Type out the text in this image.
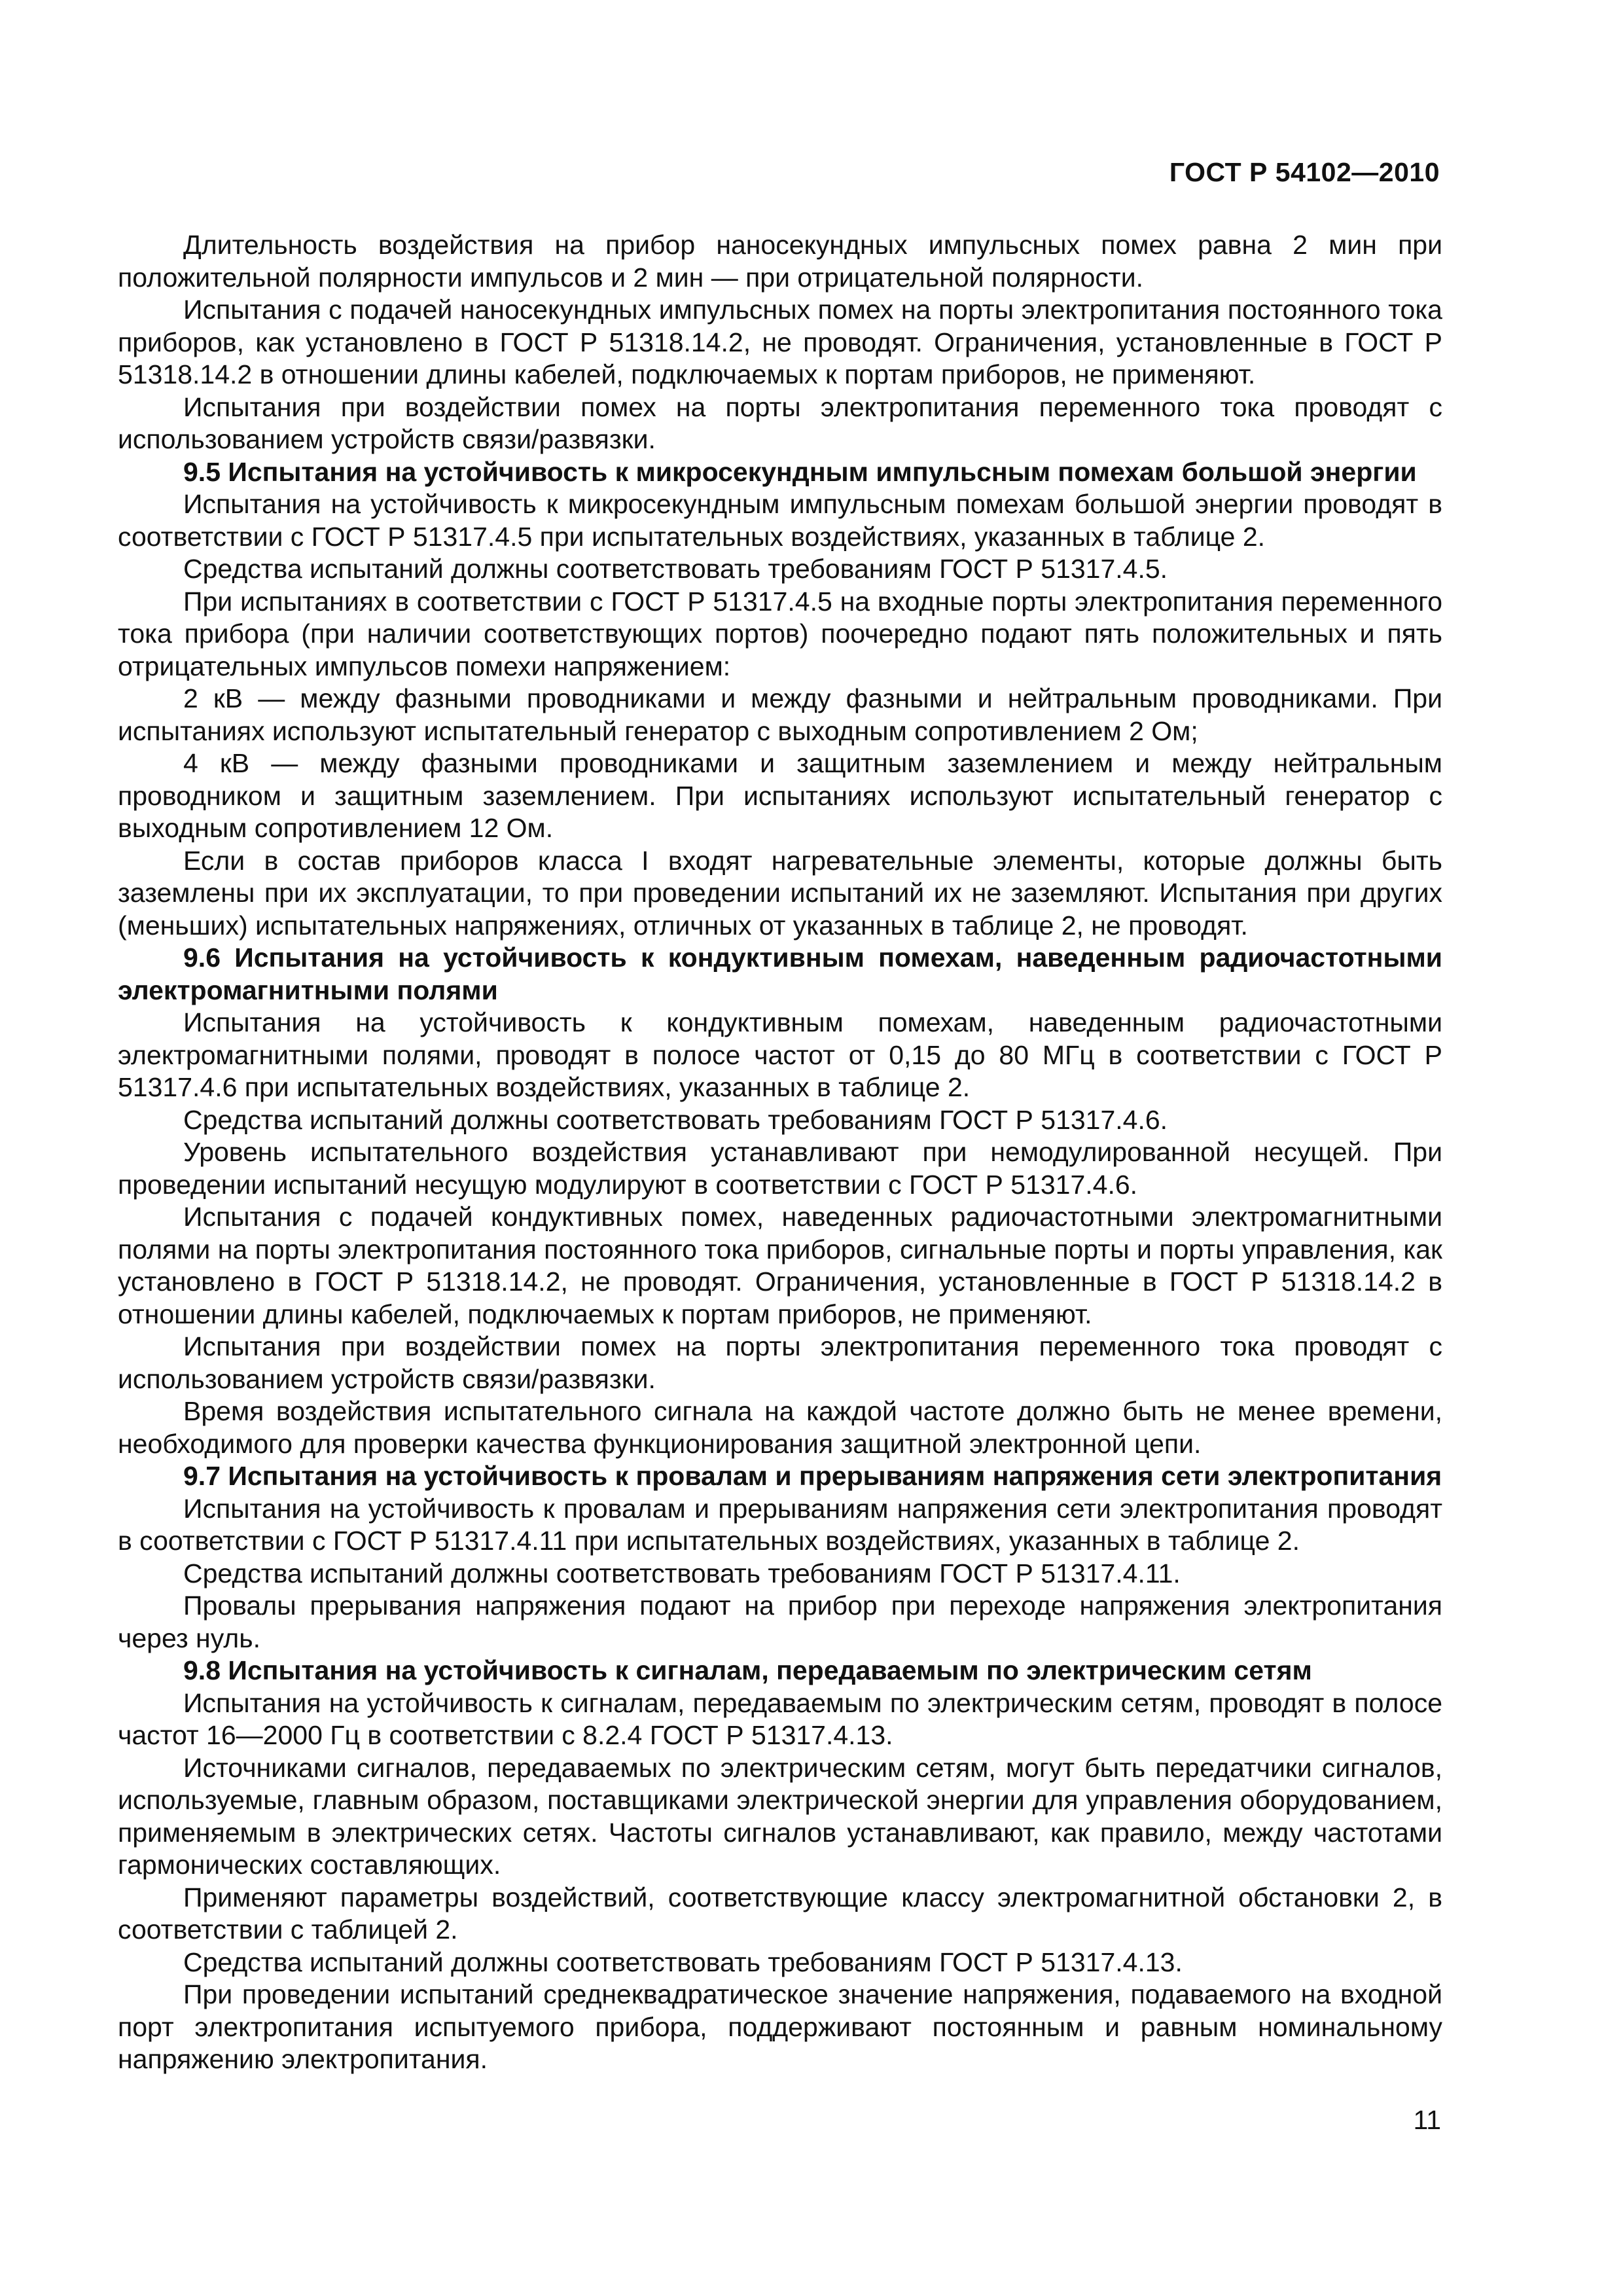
ГОСТ Р 54102—2010

Длительность воздействия на прибор наносекундных импульсных помех равна 2 мин при положительной полярности импульсов и 2 мин — при отрицательной полярности.

Испытания с подачей наносекундных импульсных помех на порты электропитания постоянного тока приборов, как установлено в ГОСТ Р 51318.14.2, не проводят. Ограничения, установленные в ГОСТ Р 51318.14.2 в отношении длины кабелей, подключаемых к портам приборов, не применяют.

Испытания при воздействии помех на порты электропитания переменного тока проводят с использованием устройств связи/развязки.

9.5 Испытания на устойчивость к микросекундным импульсным помехам большой энергии

Испытания на устойчивость к микросекундным импульсным помехам большой энергии проводят в соответствии с ГОСТ Р 51317.4.5 при испытательных воздействиях, указанных в таблице 2.

Средства испытаний должны соответствовать требованиям ГОСТ Р 51317.4.5.

При испытаниях в соответствии с ГОСТ Р 51317.4.5 на входные порты электропитания переменного тока прибора (при наличии соответствующих портов) поочередно подают пять положительных и пять отрицательных импульсов помехи напряжением:

2 кВ — между фазными проводниками и между фазными и нейтральным проводниками. При испытаниях используют испытательный генератор с выходным сопротивлением 2 Ом;

4 кВ — между фазными проводниками и защитным заземлением и между нейтральным проводником и защитным заземлением. При испытаниях используют испытательный генератор с выходным сопротивлением 12 Ом.

Если в состав приборов класса I входят нагревательные элементы, которые должны быть заземлены при их эксплуатации, то при проведении испытаний их не заземляют. Испытания при других (меньших) испытательных напряжениях, отличных от указанных в таблице 2, не проводят.

9.6 Испытания на устойчивость к кондуктивным помехам, наведенным радиочастотными электромагнитными полями

Испытания на устойчивость к кондуктивным помехам, наведенным радиочастотными электромагнитными полями, проводят в полосе частот от 0,15 до 80 МГц в соответствии с ГОСТ Р 51317.4.6 при испытательных воздействиях, указанных в таблице 2.

Средства испытаний должны соответствовать требованиям ГОСТ Р 51317.4.6.

Уровень испытательного воздействия устанавливают при немодулированной несущей. При проведении испытаний несущую модулируют в соответствии с ГОСТ Р 51317.4.6.

Испытания с подачей кондуктивных помех, наведенных радиочастотными электромагнитными полями на порты электропитания постоянного тока приборов, сигнальные порты и порты управления, как установлено в ГОСТ Р 51318.14.2, не проводят. Ограничения, установленные в ГОСТ Р 51318.14.2 в отношении длины кабелей, подключаемых к портам приборов, не применяют.

Испытания при воздействии помех на порты электропитания переменного тока проводят с использованием устройств связи/развязки.

Время воздействия испытательного сигнала на каждой частоте должно быть не менее времени, необходимого для проверки качества функционирования защитной электронной цепи.

9.7 Испытания на устойчивость к провалам и прерываниям напряжения сети электропитания

Испытания на устойчивость к провалам и прерываниям напряжения сети электропитания проводят в соответствии с ГОСТ Р 51317.4.11 при испытательных воздействиях, указанных в таблице 2.

Средства испытаний должны соответствовать требованиям ГОСТ Р 51317.4.11.

Провалы прерывания напряжения подают на прибор при переходе напряжения электропитания через нуль.

9.8 Испытания на устойчивость к сигналам, передаваемым по электрическим сетям

Испытания на устойчивость к сигналам, передаваемым по электрическим сетям, проводят в полосе частот 16—2000 Гц в соответствии с 8.2.4 ГОСТ Р 51317.4.13.

Источниками сигналов, передаваемых по электрическим сетям, могут быть передатчики сигналов, используемые, главным образом, поставщиками электрической энергии для управления оборудованием, применяемым в электрических сетях. Частоты сигналов устанавливают, как правило, между частотами гармонических составляющих.

Применяют параметры воздействий, соответствующие классу электромагнитной обстановки 2, в соответствии с таблицей 2.

Средства испытаний должны соответствовать требованиям ГОСТ Р 51317.4.13.

При проведении испытаний среднеквадратическое значение напряжения, подаваемого на входной порт электропитания испытуемого прибора, поддерживают постоянным и равным номинальному напряжению электропитания.

11
